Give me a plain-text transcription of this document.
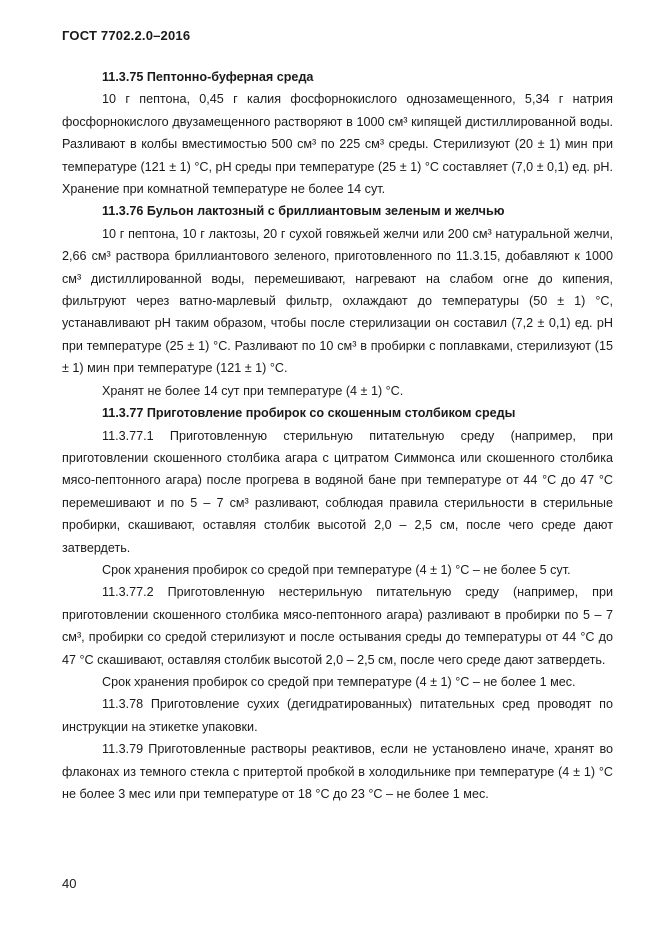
ГОСТ 7702.2.0–2016

11.3.75 Пептонно-буферная среда

10 г пептона, 0,45 г калия фосфорнокислого однозамещенного, 5,34 г натрия фосфорнокислого двузамещенного растворяют в 1000 см³ кипящей дистиллированной воды. Разливают в колбы вместимостью 500 см³ по 225 см³ среды. Стерилизуют (20 ± 1) мин при температуре (121 ± 1) °С, рН среды при температуре (25 ± 1) °С составляет (7,0 ± 0,1) ед. рН. Хранение при комнатной температуре не более 14 сут.

11.3.76 Бульон лактозный с бриллиантовым зеленым и желчью

10 г пептона, 10 г лактозы, 20 г сухой говяжьей желчи или 200 см³ натуральной желчи, 2,66 см³ раствора бриллиантового зеленого, приготовленного по 11.3.15, добавляют к 1000 см³ дистиллированной воды, перемешивают, нагревают на слабом огне до кипения, фильтруют через ватно-марлевый фильтр, охлаждают до температуры (50 ± 1) °С, устанавливают рН таким образом, чтобы после стерилизации он составил (7,2 ± 0,1) ед. рН при температуре (25 ± 1) °С. Разливают по 10 см³ в пробирки с поплавками, стерилизуют (15 ± 1) мин при температуре (121 ± 1) °С.

Хранят не более 14 сут при температуре (4 ± 1) °С.

11.3.77 Приготовление пробирок со скошенным столбиком среды

11.3.77.1 Приготовленную стерильную питательную среду (например, при приготовлении скошенного столбика агара с цитратом Симмонса или скошенного столбика мясо-пептонного агара) после прогрева в водяной бане при температуре от 44 °С до 47 °С перемешивают и по 5 – 7 см³ разливают, соблюдая правила стерильности в стерильные пробирки, скашивают, оставляя столбик высотой 2,0 – 2,5 см, после чего среде дают затвердеть.

Срок хранения пробирок со средой при температуре (4 ± 1) °С – не более 5 сут.

11.3.77.2 Приготовленную нестерильную питательную среду (например, при приготовлении скошенного столбика мясо-пептонного агара) разливают в пробирки по 5 – 7 см³, пробирки со средой стерилизуют и после остывания среды до температуры от 44 °С до 47 °С скашивают, оставляя столбик высотой 2,0 – 2,5 см, после чего среде дают затвердеть.

Срок хранения пробирок со средой при температуре (4 ± 1) °С – не более 1 мес.

11.3.78 Приготовление сухих (дегидратированных) питательных сред проводят по инструкции на этикетке упаковки.

11.3.79 Приготовленные растворы реактивов, если не установлено иначе, хранят во флаконах из темного стекла с притертой пробкой в холодильнике при температуре (4 ± 1) °С не более 3 мес или при температуре от 18 °С до 23 °С – не более 1 мес.

40
